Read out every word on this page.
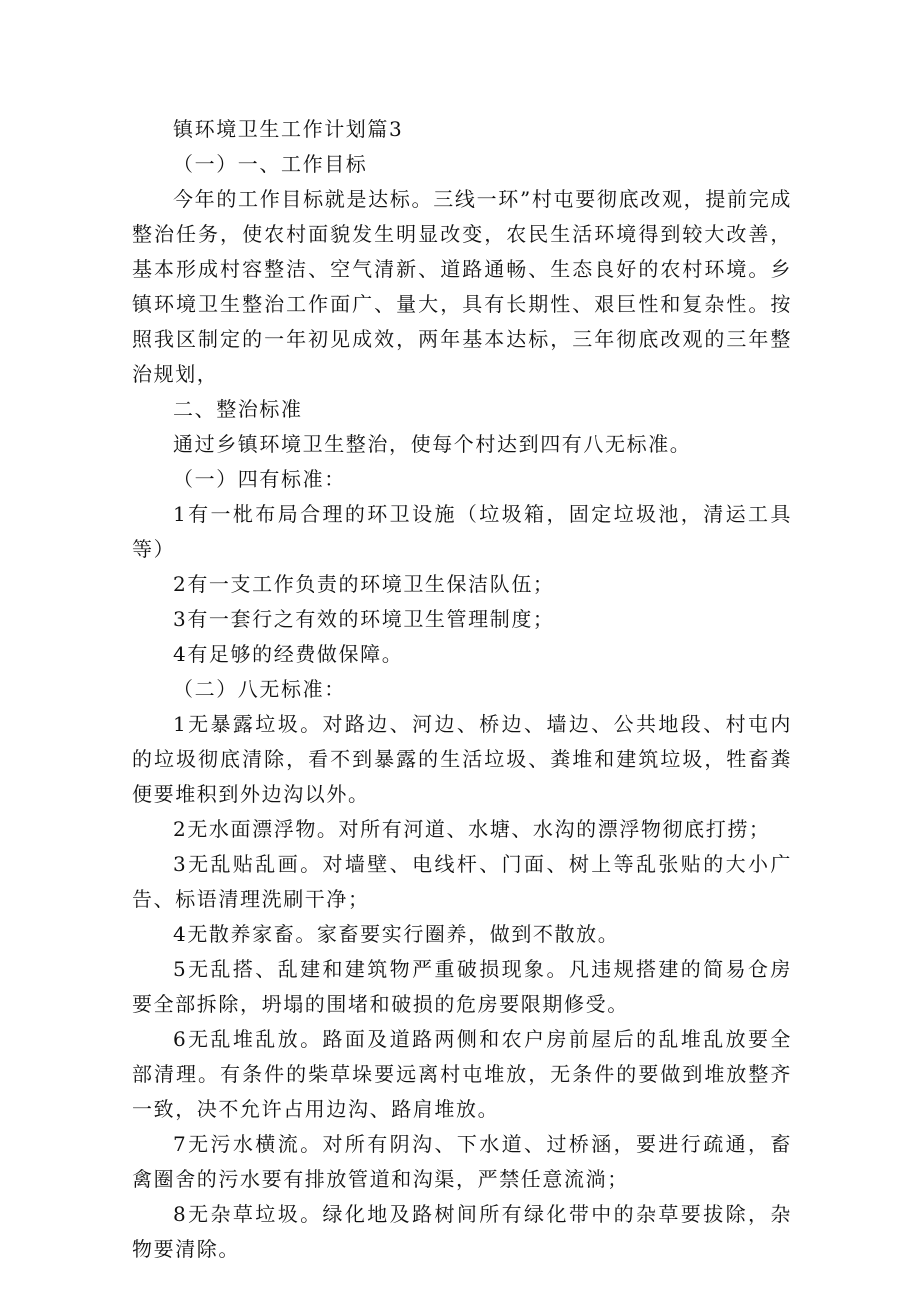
镇环境卫生工作计划篇3

（一）一、工作目标

今年的工作目标就是达标。三线一环”村屯要彻底改观，提前完成整治任务，使农村面貌发生明显改变，农民生活环境得到较大改善，基本形成村容整洁、空气清新、道路通畅、生态良好的农村环境。乡镇环境卫生整治工作面广、量大，具有长期性、艰巨性和复杂性。按照我区制定的一年初见成效，两年基本达标，三年彻底改观的三年整治规划，

二、整治标准

通过乡镇环境卫生整治，使每个村达到四有八无标准。

（一）四有标准：

1有一枇布局合理的环卫设施（垃圾箱，固定垃圾池，清运工具等）

2有一支工作负责的环境卫生保洁队伍；

3有一套行之有效的环境卫生管理制度；

4有足够的经费做保障。

（二）八无标准：

1无暴露垃圾。对路边、河边、桥边、墙边、公共地段、村屯内的垃圾彻底清除，看不到暴露的生活垃圾、粪堆和建筑垃圾，牲畜粪便要堆积到外边沟以外。

2无水面漂浮物。对所有河道、水塘、水沟的漂浮物彻底打捞；

3无乱贴乱画。对墙壁、电线杆、门面、树上等乱张贴的大小广告、标语清理洗刷干净；

4无散养家畜。家畜要实行圈养，做到不散放。

5无乱搭、乱建和建筑物严重破损现象。凡违规搭建的简易仓房要全部拆除，坍塌的围堵和破损的危房要限期修受。

6无乱堆乱放。路面及道路两侧和农户房前屋后的乱堆乱放要全部清理。有条件的柴草垛要远离村屯堆放，无条件的要做到堆放整齐一致，决不允许占用边沟、路肩堆放。

7无污水横流。对所有阴沟、下水道、过桥涵，要进行疏通，畜禽圈舍的污水要有排放管道和沟渠，严禁任意流淌；

8无杂草垃圾。绿化地及路树间所有绿化带中的杂草要拔除，杂物要清除。
